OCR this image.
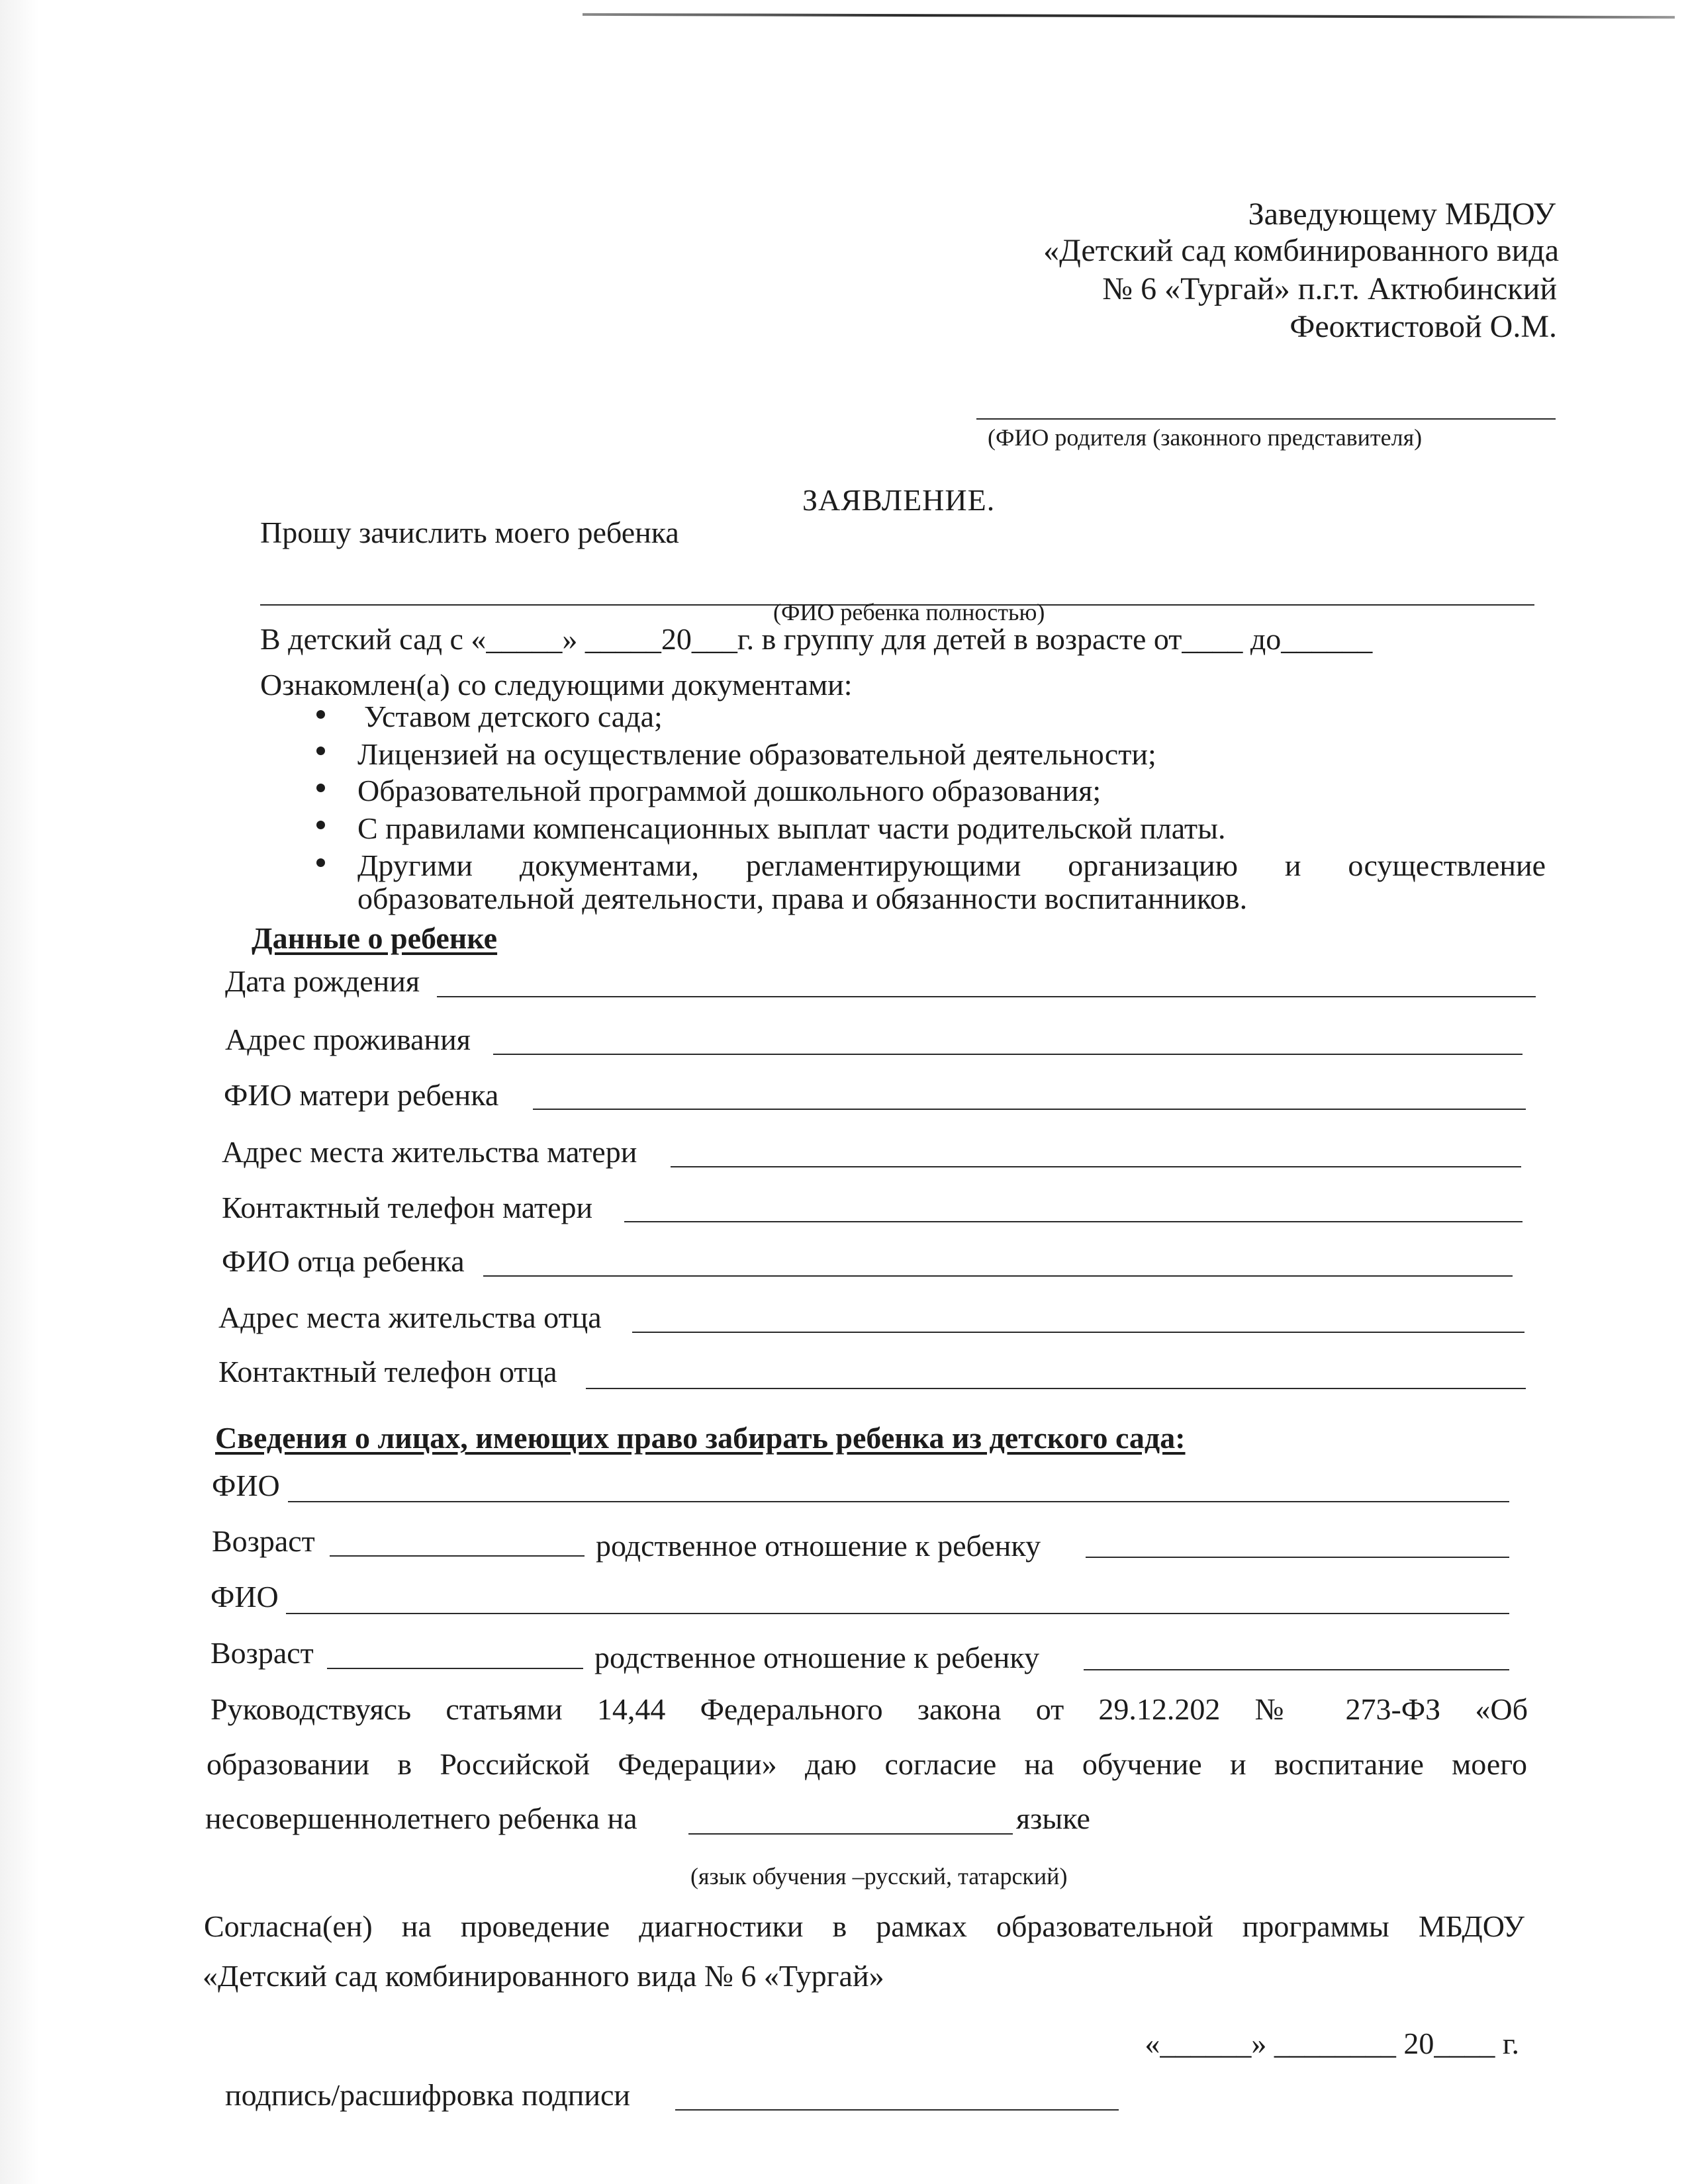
Заведующему МБДОУ
«Детский сад комбинированного вида
№ 6 «Тургай» п.г.т. Актюбинский
Феоктистовой О.М.
(ФИО родителя (законного представителя)
ЗАЯВЛЕНИЕ.
Прошу зачислить моего ребенка
(ФИО ребенка полностью)
В детский сад с «_____» _____20___г. в группу для детей в возрасте от____ до______
Ознакомлен(а) со следующими документами:
Уставом детского сада;
Лицензией на осуществление образовательной деятельности;
Образовательной программой дошкольного образования;
С правилами компенсационных выплат части родительской платы.
Другими документами, регламентирующими организацию и осуществление
образовательной деятельности, права и обязанности воспитанников.
Данные о ребенке
Дата рождения
Адрес проживания
ФИО матери ребенка
Адрес места жительства матери
Контактный телефон матери
ФИО отца ребенка
Адрес места жительства отца
Контактный телефон отца
Сведения о лицах, имеющих право забирать ребенка из детского сада:
ФИО
Возраст	родственное отношение к ребенку
ФИО
Возраст	родственное отношение к ребенку
Руководствуясь статьями 14,44 Федерального закона от 29.12.202 № 273-ФЗ «Об
образовании в Российской Федерации» даю согласие на обучение и воспитание моего
несовершеннолетнего ребенка на	языке
(язык обучения –русский, татарский)
Согласна(ен) на проведение диагностики в рамках образовательной программы МБДОУ
«Детский сад комбинированного вида № 6 «Тургай»
«______» ________ 20____ г.
подпись/расшифровка подписи
